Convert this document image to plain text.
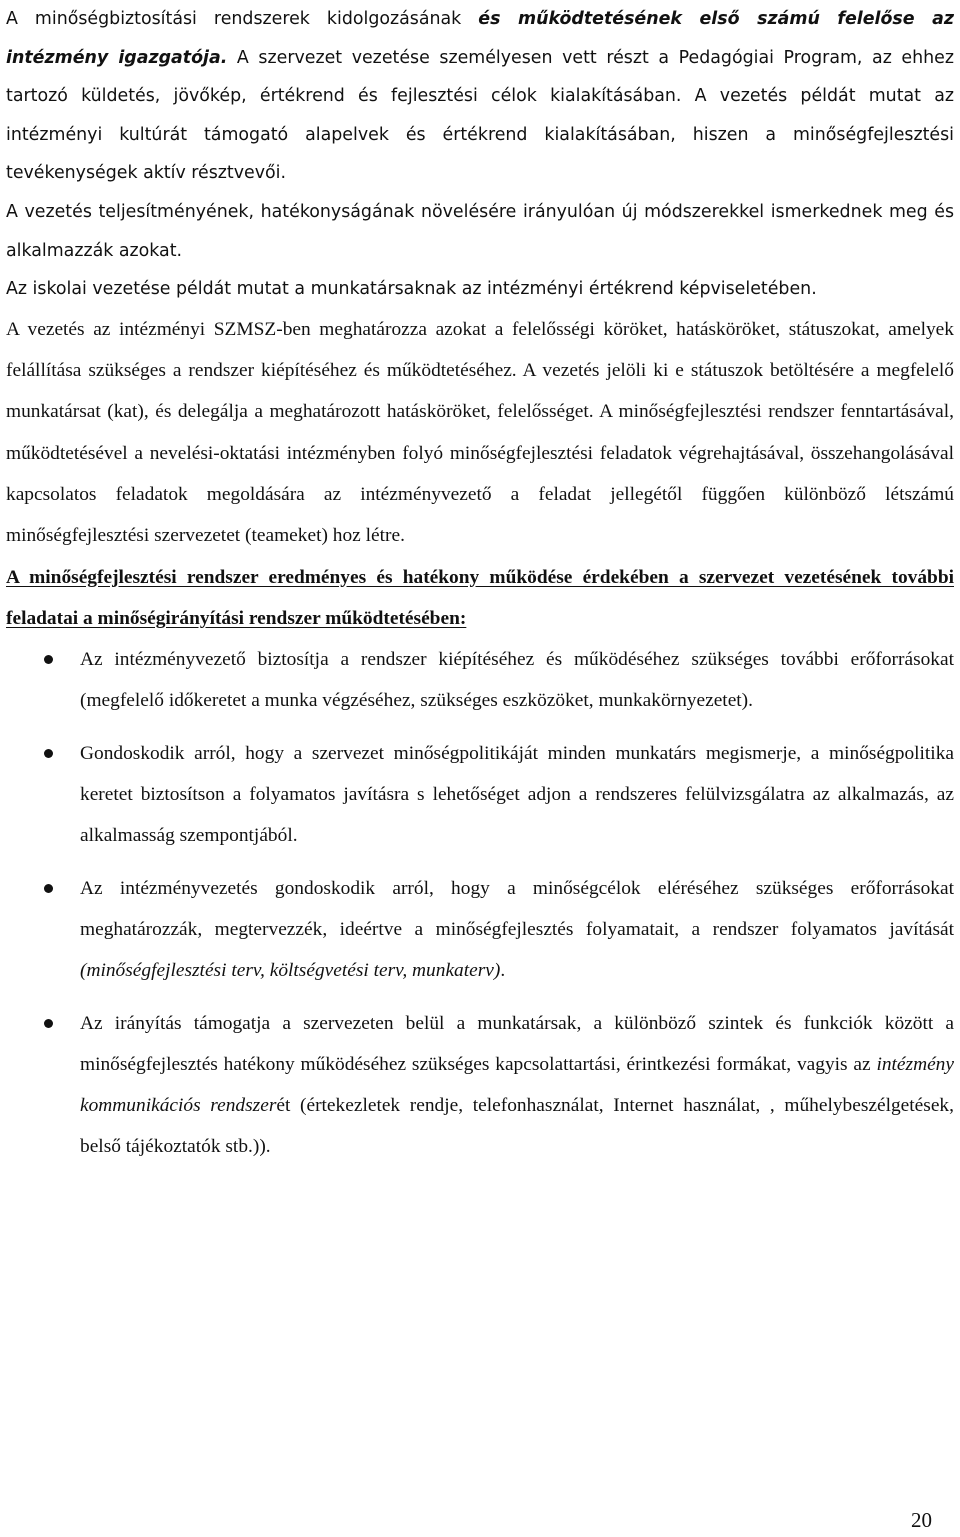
A minőségbiztosítási rendszerek kidolgozásának és működtetésének első számú felelőse az intézmény igazgatója. A szervezet vezetése személyesen vett részt a Pedagógiai Program, az ehhez tartozó küldetés, jövőkép, értékrend és fejlesztési célok kialakításában. A vezetés példát mutat az intézményi kultúrát támogató alapelvek és értékrend kialakításában, hiszen a minőségfejlesztési tevékenységek aktív résztvevői.

A vezetés teljesítményének, hatékonyságának növelésére irányulóan új módszerekkel ismerkednek meg és alkalmazzák azokat.

Az iskolai vezetése példát mutat a munkatársaknak az intézményi értékrend képviseletében.

A vezetés az intézményi SZMSZ-ben meghatározza azokat a felelősségi köröket, hatásköröket, státuszokat, amelyek felállítása szükséges a rendszer kiépítéséhez és működtetéséhez. A vezetés jelöli ki e státuszok betöltésére a megfelelő munkatársat (kat), és delegálja a meghatározott hatásköröket, felelősséget. A minőségfejlesztési rendszer fenntartásával, működtetésével a nevelési-oktatási intézményben folyó minőségfejlesztési feladatok végrehajtásával, összehangolásával kapcsolatos feladatok megoldására az intézményvezető a feladat jellegétől függően különböző létszámú minőségfejlesztési szervezetet (teameket) hoz létre.

A minőségfejlesztési rendszer eredményes és hatékony működése érdekében a szervezet vezetésének további feladatai a minőségirányítási rendszer működtetésében:

Az intézményvezető biztosítja a rendszer kiépítéséhez és működéséhez szükséges további erőforrásokat (megfelelő időkeretet a munka végzéséhez, szükséges eszközöket, munkakörnyezetet).
Gondoskodik arról, hogy a szervezet minőségpolitikáját minden munkatárs megismerje, a minőségpolitika keretet biztosítson a folyamatos javításra s lehetőséget adjon a rendszeres felülvizsgálatra az alkalmazás, az alkalmasság szempontjából.
Az intézményvezetés gondoskodik arról, hogy a minőségcélok eléréséhez szükséges erőforrásokat meghatározzák, megtervezzék, ideértve a minőségfejlesztés folyamatait, a rendszer folyamatos javítását (minőségfejlesztési terv, költségvetési terv, munkaterv).
Az irányítás támogatja a szervezeten belül a munkatársak, a különböző szintek és funkciók között a minőségfejlesztés hatékony működéséhez szükséges kapcsolattartási, érintkezési formákat, vagyis az intézmény kommunikációs rendszerét (értekezletek rendje, telefonhasználat, Internet használat, , műhelybeszélgetések, belső tájékoztatók stb.)).
20
